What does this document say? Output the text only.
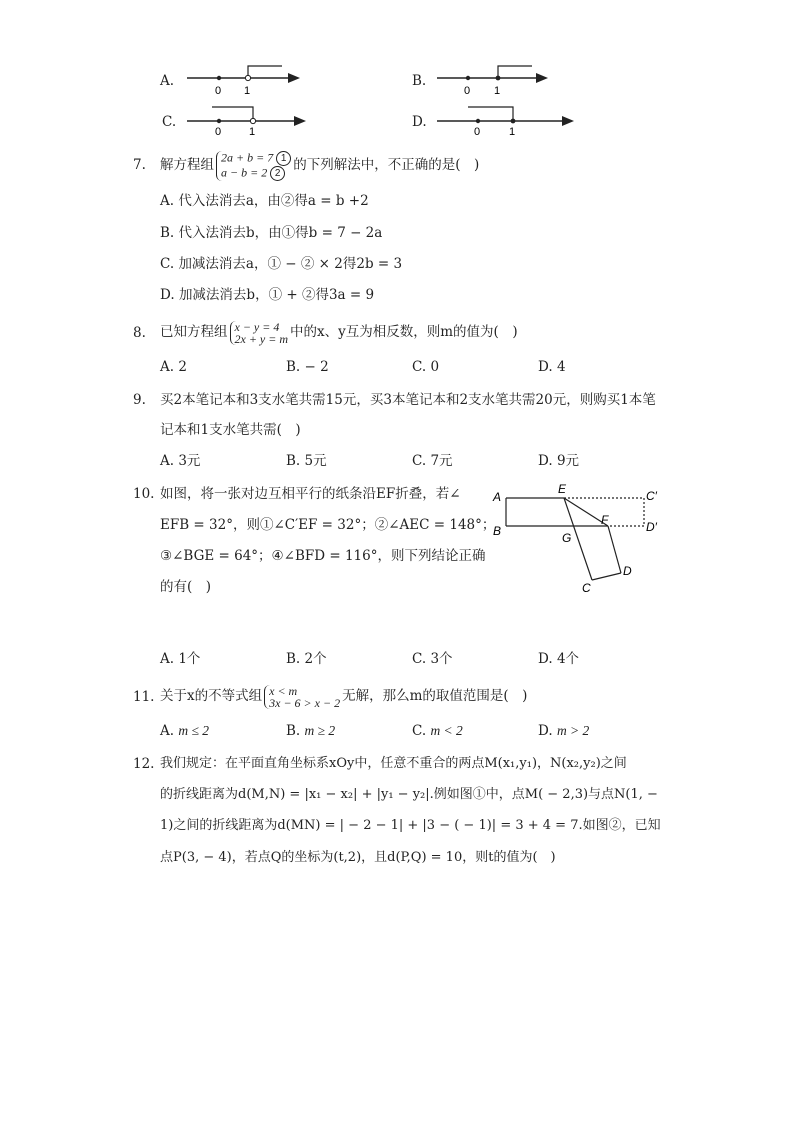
A.
0 1
B.
0 1
C.
0	1
D.
0	1
7. 解方程组2a + b = 7 1
a − b = 2 2 的下列解法中，不正确的是(　)
A. 代入法消去a，由②得a = b +2
B. 代入法消去b，由①得b = 7 − 2a
C. 加减法消去a，① − ② × 2得2b = 3
D. 加减法消去b，① + ②得3a = 9
8. 已知方程组 x − y = 4
2x + y = m 中的x、y互为相反数，则m的值为(　)
A. 2	B. − 2	C. 0	D. 4
9. 买2本笔记本和3支水笔共需15元，买3本笔记本和2支水笔共需20元，则购买1本笔
记本和1支水笔共需(　)
A. 3元	B. 5元	C. 7元	D. 9元
10. 如图，将一张对边互相平行的纸条沿EF折叠，若∠
EFB = 32°，则①∠C′EF = 32°；②∠AEC = 148°；
③∠BGE = 64°；④∠BFD = 116°，则下列结论正确
的有(　)
A
B
E
F
G
C′
D′
C
D
A. 1个	B. 2个	C. 3个	D. 4个
11. 关于x的不等式组 x < m
3x − 6 > x − 2 无解，那么m的取值范围是(　)
A. m ≤ 2	B. m ≥ 2	C. m < 2	D. m > 2
12. 我们规定：在平面直角坐标系xOy中，任意不重合的两点M(x₁,y₁)，N(x₂,y₂)之间
的折线距离为d(M,N) = |x₁ − x₂| + |y₁ − y₂|.例如图①中，点M( − 2,3)与点N(1, −
1)之间的折线距离为d(MN) = | − 2 − 1| + |3 − ( − 1)| = 3 + 4 = 7.如图②，已知
点P(3, − 4)，若点Q的坐标为(t,2)，且d(P,Q) = 10，则t的值为(　)
